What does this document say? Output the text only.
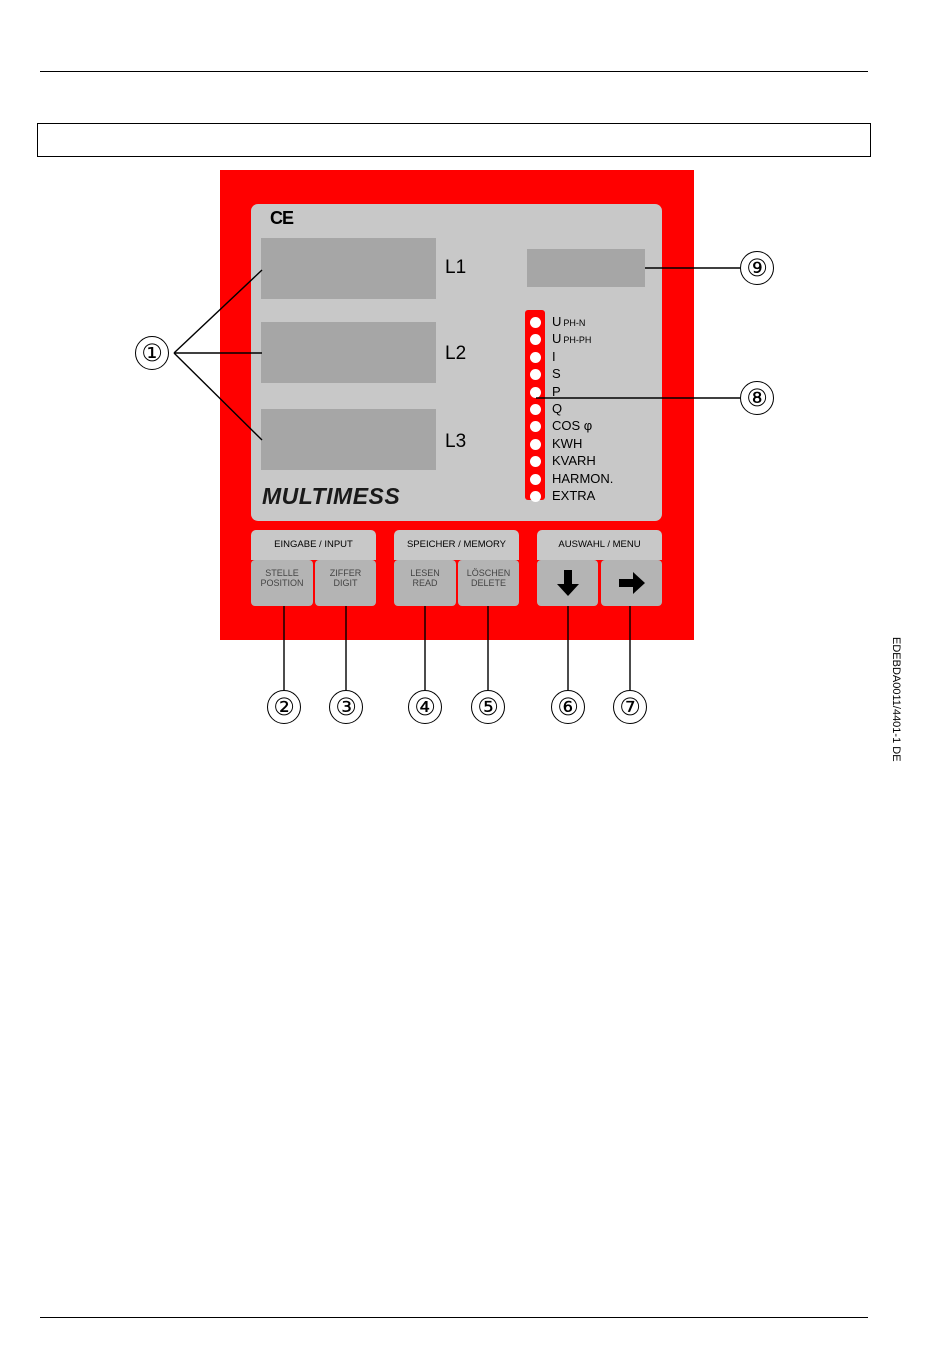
CE
L1
L2
L3
MULTIMESS
U PH-N
U PH-PH
I
S
P
Q
COS φ
KWH
KVARH
HARMON.
EXTRA
EINGABE / INPUT	SPEICHER / MEMORY	AUSWAHL / MENU
STELLE
POSITION
ZIFFER
DIGIT
LESEN
READ
LÖSCHEN
DELETE
①
② ③ ④ ⑤ ⑥ ⑦
⑧
⑨
EDEBDA0011/4401-1 DE
